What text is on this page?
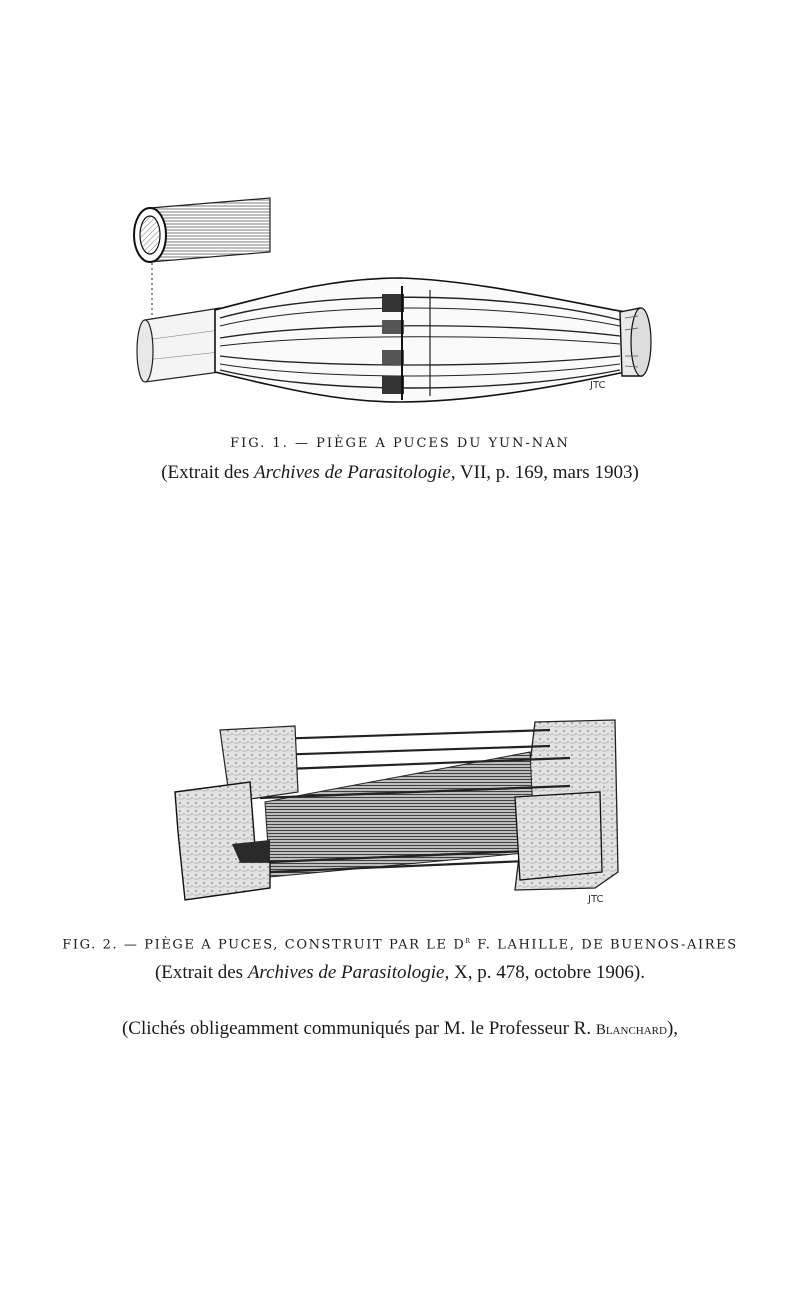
JTC
FIG. 1. — PIÈGE A PUCES DU YUN-NAN
(Extrait des Archives de Parasitologie, VII, p. 169, mars 1903)
JTC
FIG. 2. — PIÈGE A PUCES, CONSTRUIT PAR LE $D^r$ F. LAHILLE, DE BUENOS-AIRES
(Extrait des Archives de Parasitologie, X, p. 478, octobre 1906).
(Clichés obligeamment communiqués par M. le Professeur R. Blanchard),
